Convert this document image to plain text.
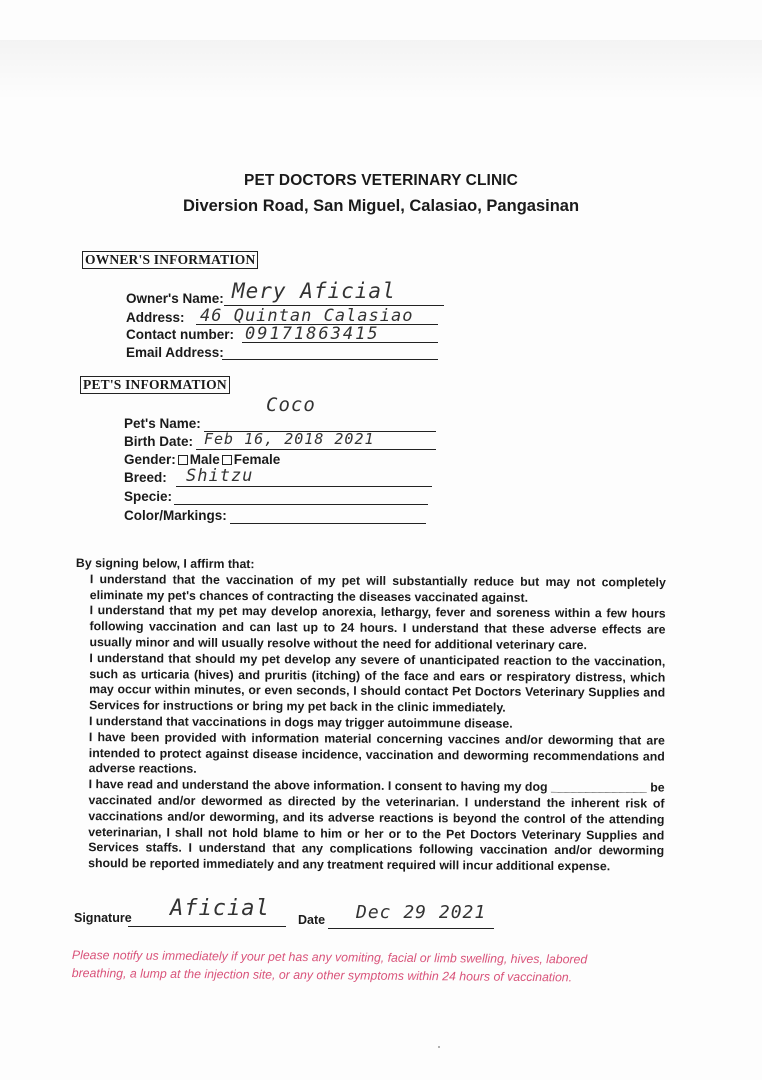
PET DOCTORS VETERINARY CLINIC
Diversion Road, San Miguel, Calasiao, Pangasinan
OWNER'S INFORMATION
Owner's Name: Mery Aficial
Address: 46 Quintan Calasiao
Contact number: 09171863415
Email Address:
PET'S INFORMATION
Coco
Pet's Name:
Birth Date: Feb 16, 2018 2021
Gender: Male Female
Breed: Shitzu
Specie:
Color/Markings:

By signing below, I affirm that:

I understand that the vaccination of my pet will substantially reduce but may not completely eliminate my pet's chances of contracting the diseases vaccinated against.

I understand that my pet may develop anorexia, lethargy, fever and soreness within a few hours following vaccination and can last up to 24 hours. I understand that these adverse effects are usually minor and will usually resolve without the need for additional veterinary care.

I understand that should my pet develop any severe of unanticipated reaction to the vaccination, such as urticaria (hives) and pruritis (itching) of the face and ears or respiratory distress, which may occur within minutes, or even seconds, I should contact Pet Doctors Veterinary Supplies and Services for instructions or bring my pet back in the clinic immediately.

I understand that vaccinations in dogs may trigger autoimmune disease.

I have been provided with information material concerning vaccines and/or deworming that are intended to protect against disease incidence, vaccination and deworming recommendations and adverse reactions.

I have read and understand the above information. I consent to having my dog ______________ be vaccinated and/or dewormed as directed by the veterinarian. I understand the inherent risk of vaccinations and/or deworming, and its adverse reactions is beyond the control of the attending veterinarian, I shall not hold blame to him or her or to the Pet Doctors Veterinary Supplies and Services staffs. I understand that any complications following vaccination and/or deworming should be reported immediately and any treatment required will incur additional expense.

Signature Aficial Date Dec 29 2021
Please notify us immediately if your pet has any vomiting, facial or limb swelling, hives, labored breathing, a lump at the injection site, or any other symptoms within 24 hours of vaccination.
